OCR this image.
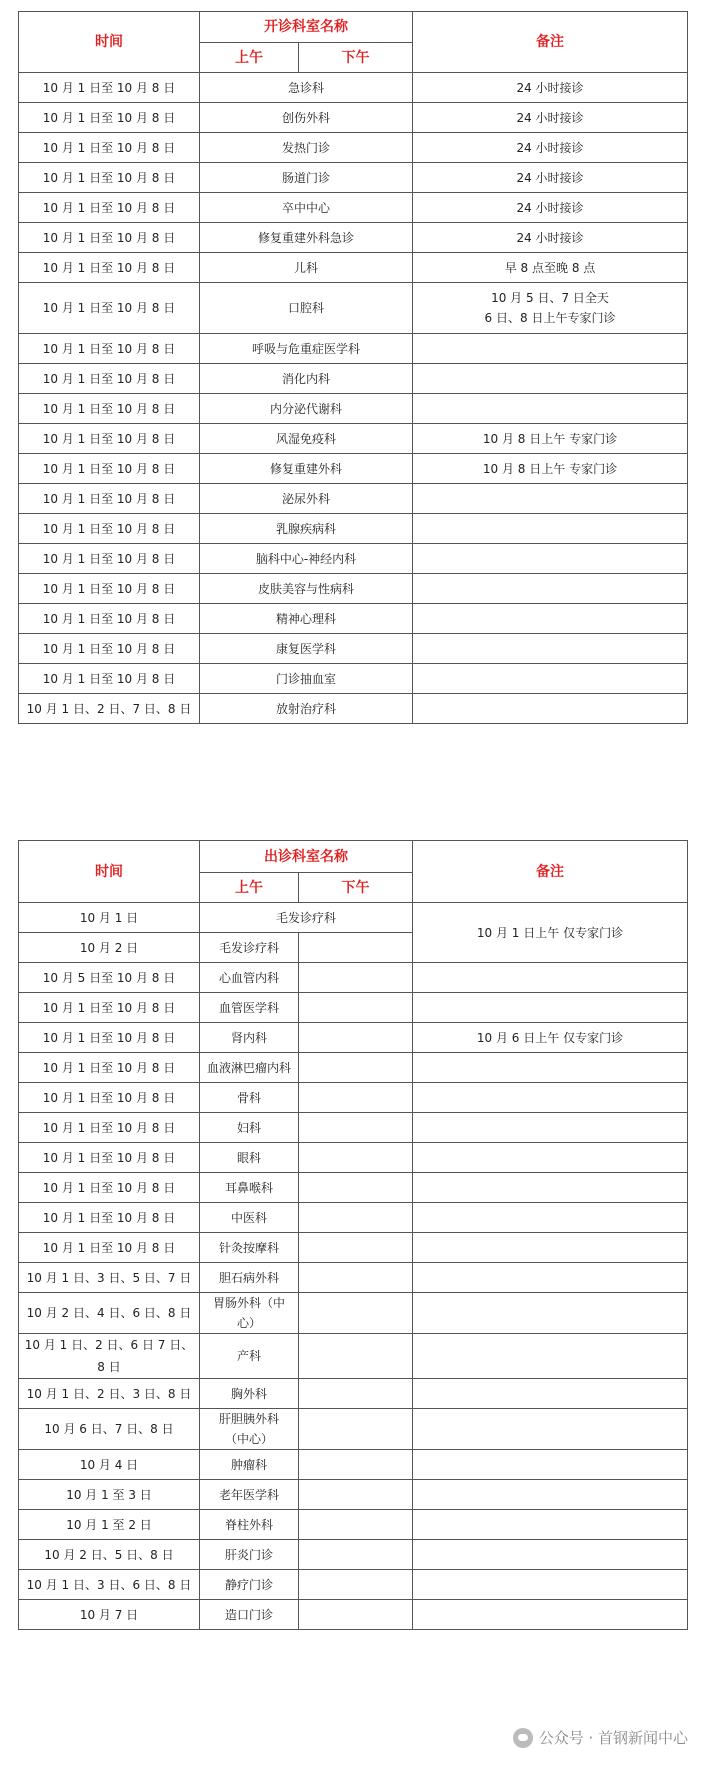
时间	开诊科室名称		备注
	上午	下午	
10 月 1 日至 10 月 8 日	急诊科		24 小时接诊
10 月 1 日至 10 月 8 日	创伤外科		24 小时接诊
10 月 1 日至 10 月 8 日	发热门诊		24 小时接诊
10 月 1 日至 10 月 8 日	肠道门诊		24 小时接诊
10 月 1 日至 10 月 8 日	卒中中心		24 小时接诊
10 月 1 日至 10 月 8 日	修复重建外科急诊		24 小时接诊
10 月 1 日至 10 月 8 日	儿科		早 8 点至晚 8 点
10 月 1 日至 10 月 8 日	口腔科		10 月 5 日、7 日全天
6 日、8 日上午专家门诊

10 月 1 日至 10 月 8 日	呼吸与危重症医学科		
10 月 1 日至 10 月 8 日	消化内科		
10 月 1 日至 10 月 8 日	内分泌代谢科		
10 月 1 日至 10 月 8 日	风湿免疫科		10 月 8 日上午 专家门诊
10 月 1 日至 10 月 8 日	修复重建外科		10 月 8 日上午 专家门诊
10 月 1 日至 10 月 8 日	泌尿外科		
10 月 1 日至 10 月 8 日	乳腺疾病科		
10 月 1 日至 10 月 8 日	脑科中心-神经内科		
10 月 1 日至 10 月 8 日	皮肤美容与性病科		
10 月 1 日至 10 月 8 日	精神心理科		
10 月 1 日至 10 月 8 日	康复医学科		
10 月 1 日至 10 月 8 日	门诊抽血室		
10 月 1 日、2 日、7 日、8 日	放射治疗科		
时间	出诊科室名称		备注
	上午	下午	
10 月 1 日	毛发诊疗科		10 月 1 日上午 仅专家门诊
10 月 2 日	毛发诊疗科		
10 月 5 日至 10 月 8 日	心血管内科		
10 月 1 日至 10 月 8 日	血管医学科		
10 月 1 日至 10 月 8 日	肾内科		10 月 6 日上午 仅专家门诊
10 月 1 日至 10 月 8 日	血液淋巴瘤内科		
10 月 1 日至 10 月 8 日	骨科		
10 月 1 日至 10 月 8 日	妇科		
10 月 1 日至 10 月 8 日	眼科		
10 月 1 日至 10 月 8 日	耳鼻喉科		
10 月 1 日至 10 月 8 日	中医科		
10 月 1 日至 10 月 8 日	针灸按摩科		
10 月 1 日、3 日、5 日、7 日	胆石病外科		
10 月 2 日、4 日、6 日、8 日	胃肠外科（中
心）		

10 月 1 日、2 日、6 日 7 日、8 日	产科		
10 月 1 日、2 日、3 日、8 日	胸外科		
10 月 6 日、7 日、8 日	肝胆胰外科
（中心）		

10 月 4 日	肿瘤科		
10 月 1 至 3 日	老年医学科		
10 月 1 至 2 日	脊柱外科		
10 月 2 日、5 日、8 日	肝炎门诊		
10 月 1 日、3 日、6 日、8 日	静疗门诊		
10 月 7 日	造口门诊		
公众号 · 首钢新闻中心
